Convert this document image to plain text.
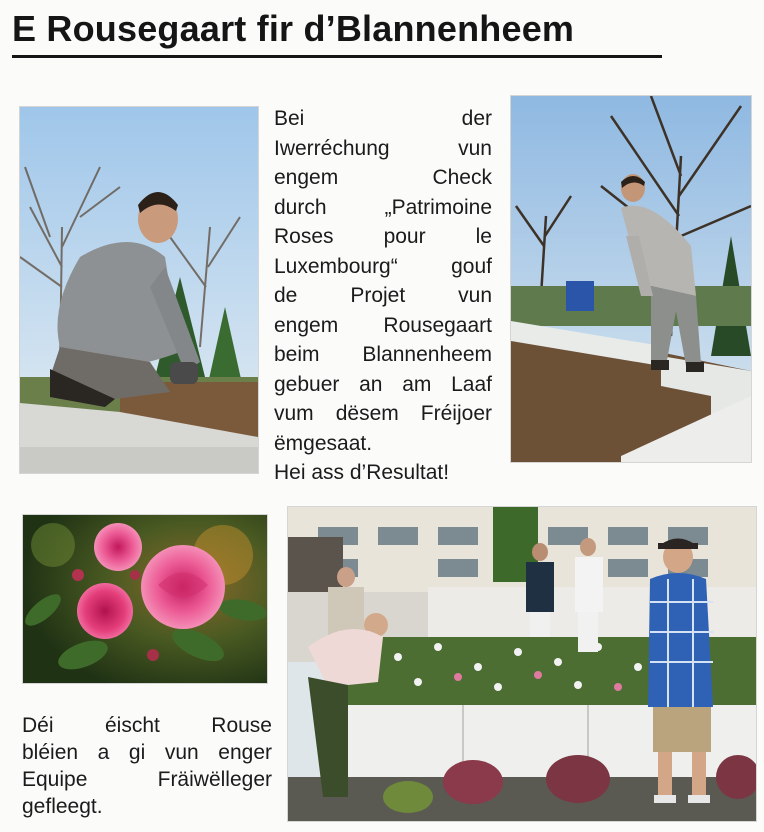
E Rousegaart fir d’Blannenheem
Bei der
Iwerréchung vun
engem Check
durch „Patrimoine
Roses pour le
Luxembourg“ gouf
de Projet vun
engem Rousegaart
beim Blannenheem
gebuer an am Laaf
vum dësem Fréijoer
ëmgesaat.
Hei ass d’Resultat!
Déi éischt Rouse
bléien a gi vun enger
Equipe Fräiwëlleger
gefleegt.
